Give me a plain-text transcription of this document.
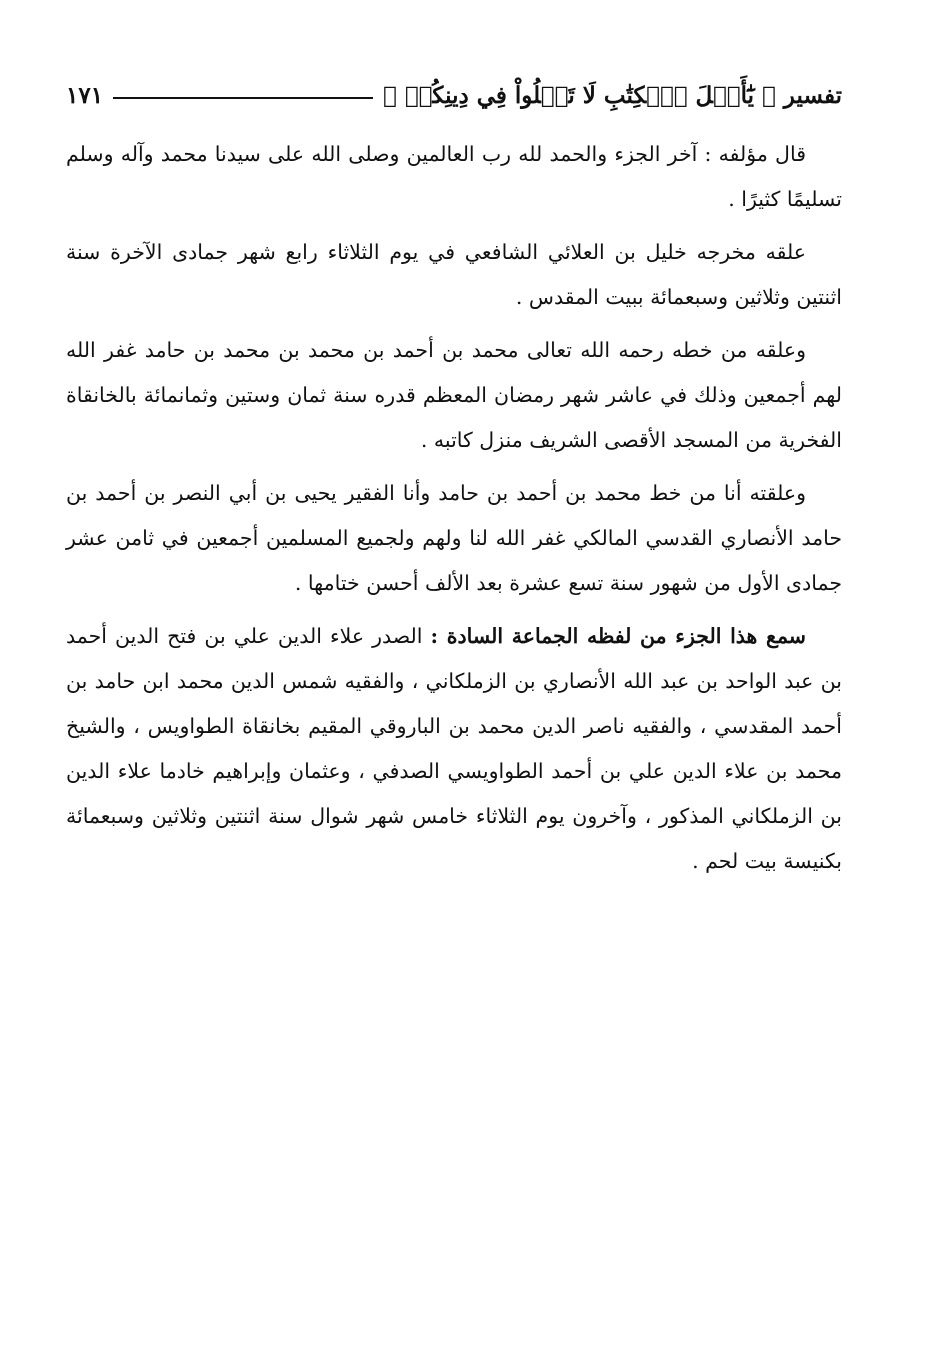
تفسير ﴿ يَٰٓأَهۡلَ ٱلۡكِتَٰبِ لَا تَغۡلُواْ فِي دِينِكُمۡ ﴾
١٧١

قال مؤلفه : آخر الجزء والحمد لله رب العالمين وصلى الله على سيدنا محمد وآله وسلم تسليمًا كثيرًا .

علقه مخرجه خليل بن العلائي الشافعي في يوم الثلاثاء رابع شهر جمادى الآخرة سنة اثنتين وثلاثين وسبعمائة ببيت المقدس .

وعلقه من خطه رحمه الله تعالى محمد بن أحمد بن محمد بن محمد بن حامد غفر الله لهم أجمعين وذلك في عاشر شهر رمضان المعظم قدره سنة ثمان وستين وثمانمائة بالخانقاة الفخرية من المسجد الأقصى الشريف منزل كاتبه .

وعلقته أنا من خط محمد بن أحمد بن حامد وأنا الفقير يحيى بن أبي النصر بن أحمد بن حامد الأنصاري القدسي المالكي غفر الله لنا ولهم ولجميع المسلمين أجمعين في ثامن عشر جمادى الأول من شهور سنة تسع عشرة بعد الألف أحسن ختامها .

سمع هذا الجزء من لفظه الجماعة السادة : الصدر علاء الدين علي بن فتح الدين أحمد بن عبد الواحد بن عبد الله الأنصاري بن الزملكاني ، والفقيه شمس الدين محمد ابن حامد بن أحمد المقدسي ، والفقيه ناصر الدين محمد بن الباروقي المقيم بخانقاة الطواويس ، والشيخ محمد بن علاء الدين علي بن أحمد الطواويسي الصدفي ، وعثمان وإبراهيم خادما علاء الدين بن الزملكاني المذكور ، وآخرون يوم الثلاثاء خامس شهر شوال سنة اثنتين وثلاثين وسبعمائة بكنيسة بيت لحم .
